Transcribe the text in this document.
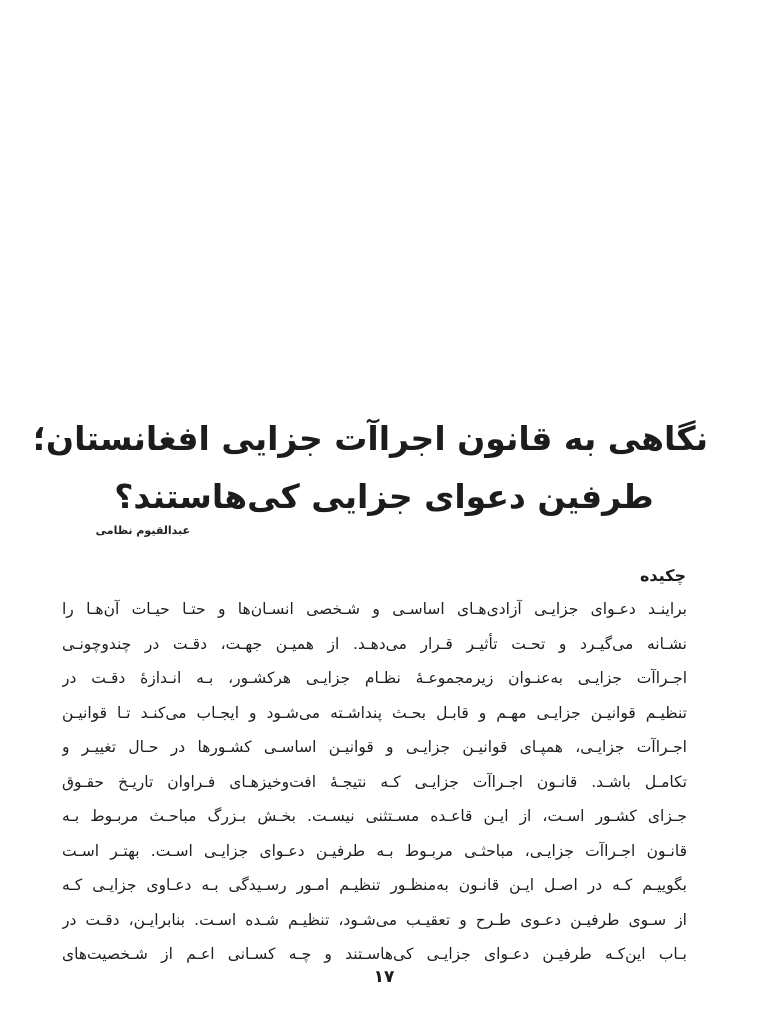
نگاهی به قانون اجراآت جزایی افغانستان؛
طرفین دعوای جزایی کی‌هاستند؟
عبدالقیوم نظامی
چکیده
براینـد دعـوای جزایـی آزادی‌هـای اساسـی و شـخصی انسـان‌ها و حتـا حیـات آن‌هـا را
نشـانه می‌گیـرد و تحـت تأثیـر قـرار می‌دهـد. از همیـن جهـت، دقـت در چندوچونـی
اجـراآت جزایـی به‌عنـوان زیرمجموعـهٔ نظـام جزایـی هرکشـور، بـه انـدازهٔ دقـت در
تنظیـم قوانیـن جزایـی مهـم و قابـل بحـث پنداشـته می‌شـود و ایجـاب می‌کنـد تـا قوانیـن
اجـراآت جزایـی، همپـای قوانیـن جزایـی و قوانیـن اساسـی کشـورها در حـال تغییـر و
تکامـل باشـد. قانـون اجـراآت جزایـی کـه نتیجـهٔ افت‌وخیزهـای فـراوان تاریـخ حقـوق
جـزای کشـور اسـت، از ایـن قاعـده مسـتثنی نیسـت. بخـش بـزرگ مباحـث مربـوط بـه
قانـون اجـراآت جزایـی، مباحثـی مربـوط بـه طرفیـن دعـوای جزایـی اسـت. بهتـر اسـت
بگوییـم کـه در اصـل ایـن قانـون به‌منظـور تنظیـم امـور رسـیدگی بـه دعـاوی جزایـی کـه
از سـوی طرفیـن دعـوی طـرح و تعقیـب می‌شـود، تنظیـم شـده اسـت. بنابرایـن، دقـت در
بـاب این‌کـه طرفیـن دعـوای جزایـی کی‌هاسـتند و چـه کسـانی اعـم از شـخصیت‌های
۱۷
